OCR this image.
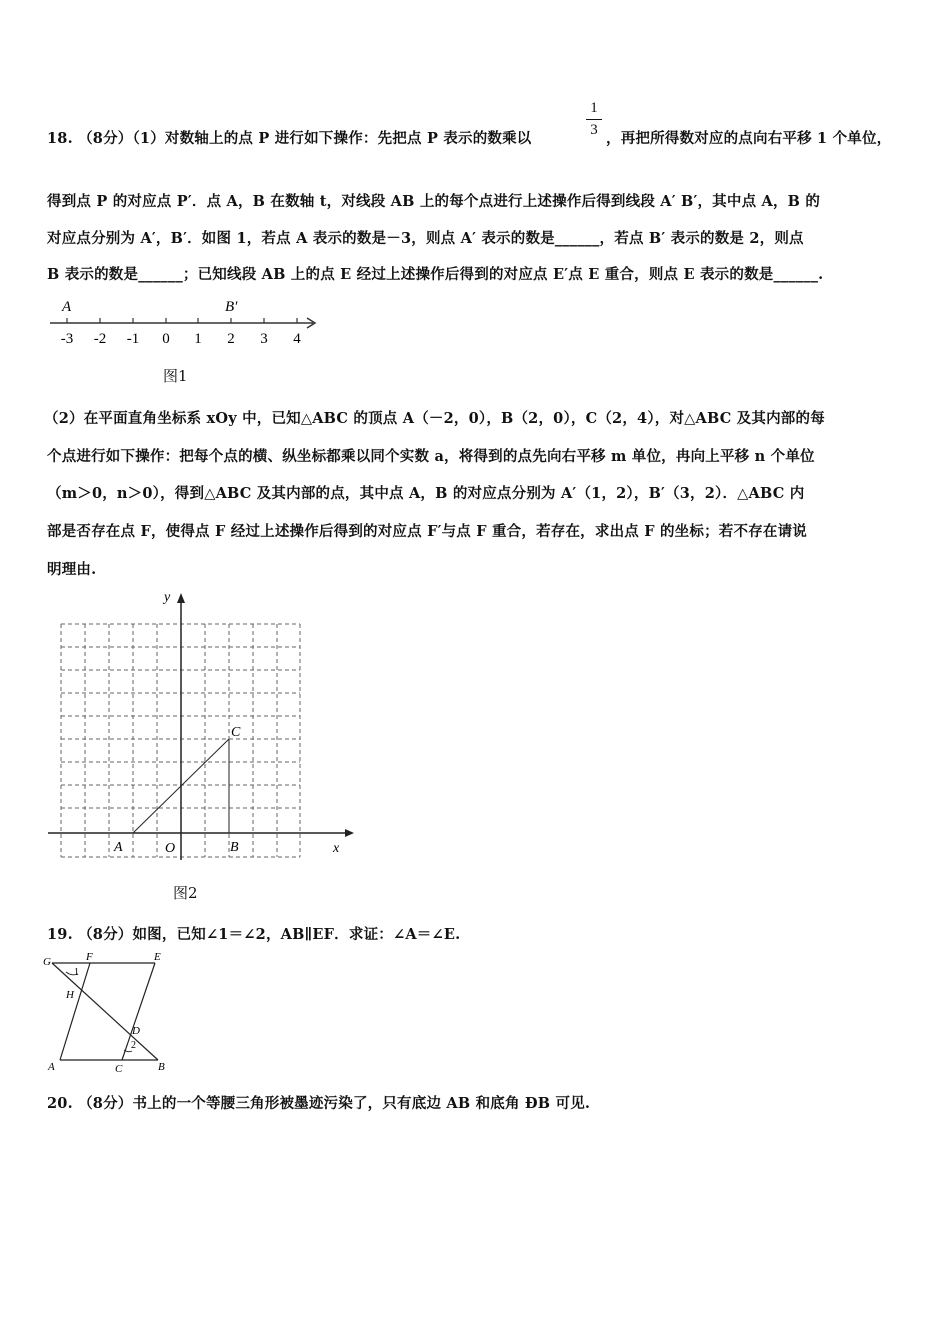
18. （8分）（1）对数轴上的点 P 进行如下操作：先把点 P 表示的数乘以
1
3 ，再把所得数对应的点向右平移 1 个单位，
得到点 P 的对应点 P′．点 A，B 在数轴 t，对线段 AB 上的每个点进行上述操作后得到线段 A′ B′，其中点 A，B 的
对应点分别为 A′，B′．如图 1，若点 A 表示的数是－3，则点 A′ 表示的数是______，若点 B′ 表示的数是 2，则点
B 表示的数是______；已知线段 AB 上的点 E 经过上述操作后得到的对应点 E′点 E 重合，则点 E 表示的数是______.
A	B′
-3 -2 -1 0 1 2 3 4
图1
（2）在平面直角坐标系 xOy 中，已知△ABC 的顶点 A（－2，0），B（2，0），C（2，4），对△ABC 及其内部的每
个点进行如下操作：把每个点的横、纵坐标都乘以同个实数 a，将得到的点先向右平移 m 单位，冉向上平移 n 个单位
（m＞0，n＞0），得到△ABC 及其内部的点，其中点 A，B 的对应点分别为 A′（1，2），B′（3，2）．△ABC 内
部是否存在点 F，使得点 F 经过上述操作后得到的对应点 F′与点 F 重合，若存在，求出点 F 的坐标；若不存在请说
明理由.
y
x
A	O	B
C
图2
19. （8分）如图，已知∠1＝∠2，AB∥EF．求证：∠A＝∠E.
G	F	E
H
D
A	C	B
1
2
20. （8分）书上的一个等腰三角形被墨迹污染了，只有底边 AB 和底角 ÐB 可见.
